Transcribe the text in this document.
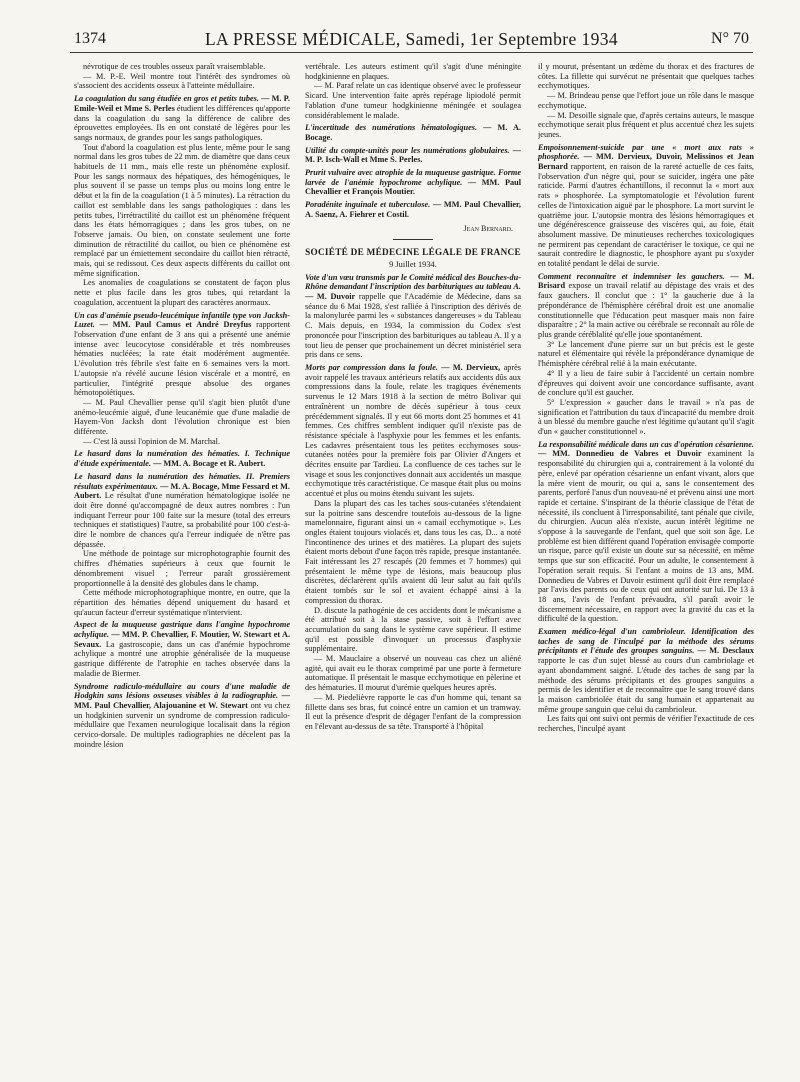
1374	LA PRESSE MÉDICALE, Samedi, 1er Septembre 1934	N° 70

névrotique de ces troubles osseux paraît vraisemblable.

— M. P.-E. Weil montre tout l'intérêt des syndromes où s'associent des accidents osseux à l'atteinte médullaire.

La coagulation du sang étudiée en gros et petits tubes. — M. P. Emile-Weil et Mme S. Perles étudient les différences qu'apporte dans la coagulation du sang la différence de calibre des éprouvettes employées. Ils en ont constaté de légères pour les sangs normaux, de grandes pour les sangs pathologiques.

Tout d'abord la coagulation est plus lente, même pour le sang normal dans les gros tubes de 22 mm. de diamètre que dans ceux habituels de 11 mm., mais elle reste un phénomène explosif. Pour les sangs normaux des hépatiques, des hémogéniques, le plus souvent il se passe un temps plus ou moins long entre le début et la fin de la coagulation (1 à 5 minutes). La rétraction du caillot est semblable dans les sangs pathologiques : dans les petits tubes, l'irrétractilité du caillot est un phénomène fréquent dans les états hémorragiques ; dans les gros tubes, on ne l'observe jamais. Ou bien, on constate seulement une forte diminution de rétractilité du caillot, ou bien ce phénomène est remplacé par un émiettement secondaire du caillot bien rétracté, mais, qui se redissout. Ces deux aspects différents du caillot ont même signification.

Les anomalies de coagulations se constatent de façon plus nette et plus facile dans les gros tubes, qui retardant la coagulation, accentuent la plupart des caractères anormaux.

Un cas d'anémie pseudo-leucémique infantile type von Jacksh-Luzet. — MM. Paul Camus et André Dreyfus rapportent l'observation d'une enfant de 3 ans qui a présenté une anémie intense avec leucocytose considérable et très nombreuses hématies nucléées; la rate était modérément augmentée. L'évolution très fébrile s'est faite en 6 semaines vers la mort. L'autopsie n'a révélé aucune lésion viscérale et a montré, en particulier, l'intégrité presque absolue des organes hémotopoïétiques.

— M. Paul Chevallier pense qu'il s'agit bien plutôt d'une anémo-leucémie aiguë, d'une leucanémie que d'une maladie de Hayem-Von Jacksh dont l'évolution chronique est bien différente.

— C'est là aussi l'opinion de M. Marchal.

Le hasard dans la numération des hématies. I. Technique d'étude expérimentale. — MM. A. Bocage et R. Aubert.

Le hasard dans la numération des hématies. II. Premiers résultats expérimentaux. — M. A. Bocage, Mme Fessard et M. Aubert. Le résultat d'une numération hématologique isolée ne doit être donné qu'accompagné de deux autres nombres : l'un indiquant l'erreur pour 100 faite sur la mesure (total des erreurs techniques et statistiques) l'autre, sa probabilité pour 100 c'est-à-dire le nombre de chances qu'a l'erreur indiquée de n'être pas dépassée.

Une méthode de pointage sur microphotographie fournit des chiffres d'hématies supérieurs à ceux que fournit le dénombrement visuel ; l'erreur paraît grossièrement proportionnelle à la densité des globules dans le champ.

Cette méthode microphotographique montre, en outre, que la répartition des hématies dépend uniquement du hasard et qu'aucun facteur d'erreur systématique n'intervient.

Aspect de la muqueuse gastrique dans l'angine hypochrome achylique. — MM. P. Chevallier, F. Moutier, W. Stewart et A. Sevaux. La gastroscopie, dans un cas d'anémie hypochrome achylique a montré une atrophie généralisée de la muqueuse gastrique différente de l'atrophie en taches observée dans la maladie de Biermer.

Syndrome radiculo-médullaire au cours d'une maladie de Hodgkin sans lésions osseuses visibles à la radiographie. — MM. Paul Chevallier, Alajouanine et W. Stewart ont vu chez un hodgkinien survenir un syndrome de compression radiculo-médullaire que l'examen neurologique localisait dans la région cervico-dorsale. De multiples radiographies ne décelent pas la moindre lésion

vertébrale. Les auteurs estiment qu'il s'agit d'une méningite hodgkinienne en plaques.

— M. Paraf relate un cas identique observé avec le professeur Sicard. Une intervention faite après repérage lipiodolé permit l'ablation d'une tumeur hodgkinienne méningée et soulagea considérablement le malade.

L'incertitude des numérations hématologiques. — M. A. Bocage.

Utilité du compte-unités pour les numérations globulaires. — M. P. Isch-Wall et Mme S. Perles.

Prurit vulvaire avec atrophie de la muqueuse gastrique. Forme larvée de l'anémie hypochrome achylique. — MM. Paul Chevallier et François Moutier.

Poradénite inguinale et tuberculose. — MM. Paul Chevallier, A. Saenz, A. Fiehrer et Costil.

Jean Bernard.
SOCIÉTÉ DE MÉDECINE LÉGALE DE FRANCE
9 Juillet 1934.

Vote d'un vœu transmis par le Comité médical des Bouches-du-Rhône demandant l'inscription des barbituriques au tableau A. — M. Duvoir rappelle que l'Académie de Médecine, dans sa séance du 6 Mai 1928, s'est ralliée à l'inscription des dérivés de la malonylurée parmi les « substances dangereuses » du Tableau C. Mais depuis, en 1934, la commission du Codex s'est prononcée pour l'inscription des barbituriques au tableau A. Il y a tout lieu de penser que prochainement un décret ministériel sera pris dans ce sens.

Morts par compression dans la foule. — M. Dervieux, après avoir rappelé les travaux antérieurs relatifs aux accidents dûs aux compressions dans la foule, relate les tragiques événements survenus le 12 Mars 1918 à la section de métro Bolivar qui entraînèrent un nombre de décès supérieur à tous ceux précédemment signalés. Il y eut 66 morts dont 25 hommes et 41 femmes. Ces chiffres semblent indiquer qu'il n'existe pas de résistance spéciale à l'asphyxie pour les femmes et les enfants. Les cadavres présentaient tous les petites ecchymoses sous-cutanées notées pour la première fois par Olivier d'Angers et décrites ensuite par Tardieu. La confluence de ces taches sur le visage et sous les conjonctives donnait aux accidentés un masque ecchymotique très caractéristique. Ce masque était plus ou moins accentué et plus ou moins étendu suivant les sujets.

Dans la plupart des cas les taches sous-cutanées s'étendaient sur la poitrine sans descendre toutefois au-dessous de la ligne mamelonnaire, figurant ainsi un « camail ecchymotique ». Les ongles étaient toujours violacés et, dans tous les cas, D... a noté l'incontinence des urines et des matières. La plupart des sujets étaient morts debout d'une façon très rapide, presque instantanée. Fait intéressant les 27 rescapés (20 femmes et 7 hommes) qui présentaient le même type de lésions, mais beaucoup plus discrètes, déclarèrent qu'ils avaient dû leur salut au fait qu'ils étaient tombés sur le sol et avaient échappé ainsi à la compression du thorax.

D. discute la pathogénie de ces accidents dont le mécanisme a été attribué soit à la stase passive, soit à l'effort avec accumulation du sang dans le système cave supérieur. Il estime qu'il est possible d'invoquer un processus d'asphyxie supplémentaire.

— M. Mauclaire a observé un nouveau cas chez un aliéné agité, qui avait eu le thorax comprimé par une porte à fermeture automatique. Il présentait le masque ecchymotique en pèlerine et des hématuries. Il mourut d'urémie quelques heures après.

— M. Piedelièvre rapporte le cas d'un homme qui, tenant sa fillette dans ses bras, fut coincé entre un camion et un tramway. Il eut la présence d'esprit de dégager l'enfant de la compression en l'élevant au-dessus de sa tête. Transporté à l'hôpital

il y mourut, présentant un œdème du thorax et des fractures de côtes. La fillette qui survécut ne présentait que quelques taches ecchymotiques.

— M. Brindeau pense que l'effort joue un rôle dans le masque ecchymotique.

— M. Desoille signale que, d'après certains auteurs, le masque ecchymotique serait plus fréquent et plus accentué chez les sujets jeunes.

Empoisonnement-suicide par une « mort aux rats » phosphorée. — MM. Dervieux, Duvoir, Melissinos et Jean Bernard rapportent, en raison de la rareté actuelle de ces faits, l'observation d'un nègre qui, pour se suicider, ingéra une pâte raticide. Parmi d'autres échantillons, il reconnut la « mort aux rats » phosphorée. La symptomatologie et l'évolution furent celles de l'intoxication aiguë par le phosphore. La mort survint le quatrième jour. L'autopsie montra des lésions hémorragiques et une dégénérescence graisseuse des viscères qui, au foie, était absolument massive. De minutieuses recherches toxicologiques ne permirent pas cependant de caractériser le toxique, ce qui ne saurait contredire le diagnostic, le phosphore ayant pu s'oxyder en totalité pendant le délai de survie.

Comment reconnaître et indemniser les gauchers. — M. Brisard expose un travail relatif au dépistage des vrais et des faux gauchers. Il conclut que : 1° la gaucherie due à la prépondérance de l'hémisphère cérébral droit est une anomalie constitutionnelle que l'éducation peut masquer mais non faire disparaître ; 2° la main active ou cérébrale se reconnaît au rôle de plus grande céréblalité qu'elle joue spontanément.

3° Le lancement d'une pierre sur un but précis est le geste naturel et élémentaire qui révèle la prépondérance dynamique de l'hémisphère cérébral relié à la main exécutante.

4° Il y a lieu de faire subir à l'accidenté un certain nombre d'épreuves qui doivent avoir une concordance suffisante, avant de conclure qu'il est gaucher.

5° L'expression « gaucher dans le travail » n'a pas de signification et l'attribution du taux d'incapacité du membre droit à un blessé du membre gauche n'est légitime qu'autant qu'il s'agit d'un « gaucher constitutionnel ».

La responsabilité médicale dans un cas d'opération césarienne. — MM. Donnedieu de Vabres et Duvoir examinent la responsabilité du chirurgien qui a, contrairement à la volonté du père, enlevé par opération césarienne un enfant vivant, alors que la mère vient de mourir, ou qui a, sans le consentement des parents, perforé l'anus d'un nouveau-né et prévenu ainsi une mort rapide et certaine. S'inspirant de la théorie classique de l'état de nécessité, ils concluent à l'irresponsabilité, tant pénale que civile, du chirurgien. Aucun aléa n'existe, aucun intérêt légitime ne s'oppose à la sauvegarde de l'enfant, quel que soit son âge. Le problème est bien différent quand l'opération envisagée comporte un risque, parce qu'il existe un doute sur sa nécessité, en même temps que sur son efficacité. Pour un adulte, le consentement à l'opération serait requis. Si l'enfant a moins de 13 ans, MM. Donnedieu de Vabres et Duvoir estiment qu'il doit être remplacé par l'avis des parents ou de ceux qui ont autorité sur lui. De 13 à 18 ans, l'avis de l'enfant prévaudra, s'il paraît avoir le discernement nécessaire, en rapport avec la gravité du cas et la difficulté de la question.

Examen médico-légal d'un cambrioleur. Identification des taches de sang de l'inculpé par la méthode des sérums précipitants et l'étude des groupes sanguins. — M. Desclaux rapporte le cas d'un sujet blessé au cours d'un cambriolage et ayant abondamment saigné. L'étude des taches de sang par la méthode des sérums précipitants et des groupes sanguins a permis de les identifier et de reconnaître que le sang trouvé dans la maison cambriolée était du sang humain et appartenait au même groupe sanguin que celui du cambrioleur.

Les faits qui ont suivi ont permis de vérifier l'exactitude de ces recherches, l'inculpé ayant
